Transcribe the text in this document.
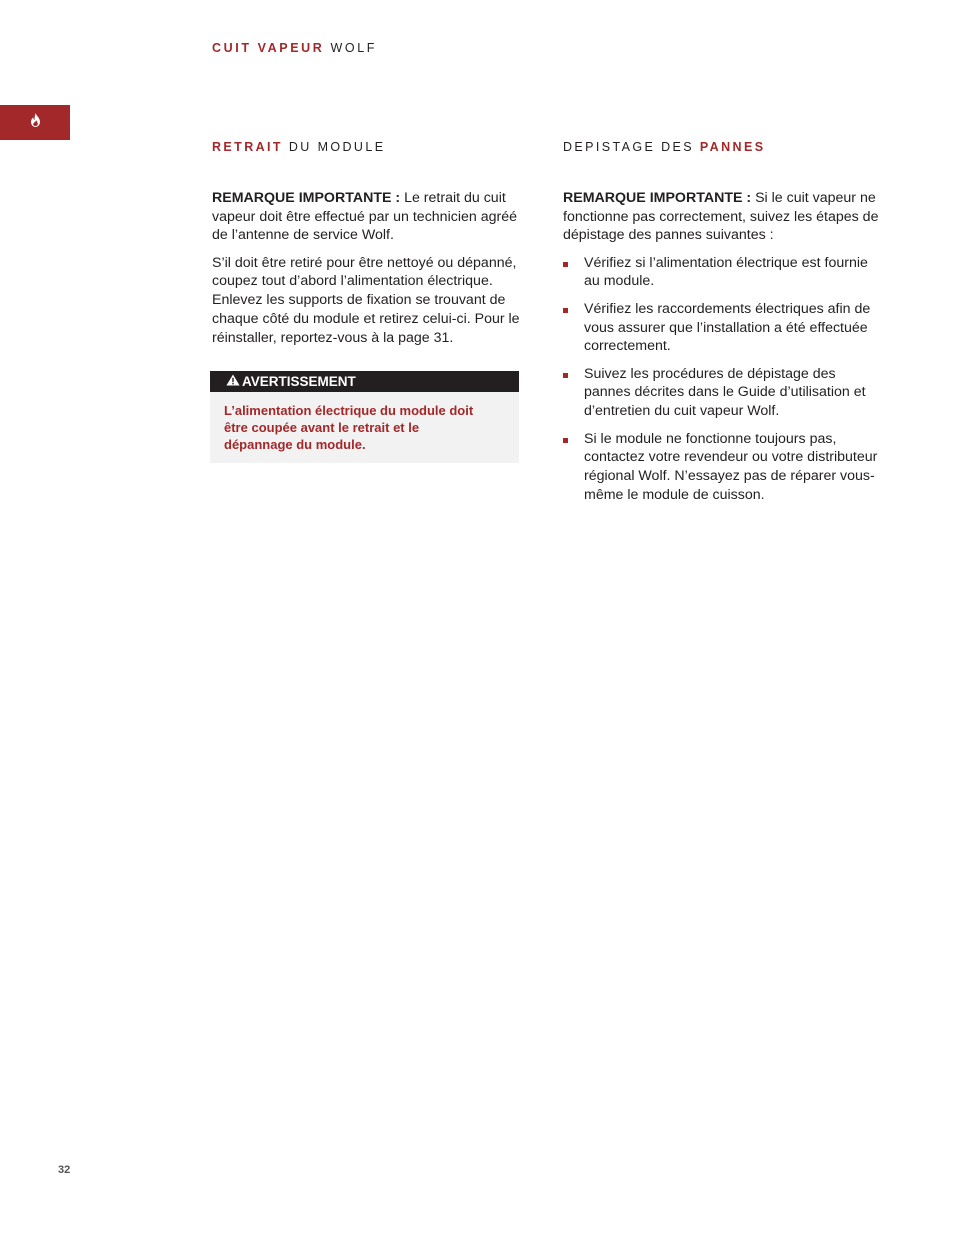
CUIT VAPEUR WOLF
RETRAIT DU MODULE

REMARQUE IMPORTANTE : Le retrait du cuit vapeur doit être effectué par un technicien agréé de l’antenne de service Wolf.

S’il doit être retiré pour être nettoyé ou dépanné, coupez tout d’abord l’alimentation électrique. Enlevez les supports de fixation se trouvant de chaque côté du module et retirez celui-ci. Pour le réinstaller, reportez-vous à la page 31.

AVERTISSEMENT
L’alimentation électrique du module doit être coupée avant le retrait et le dépannage du module.
DEPISTAGE DES PANNES

REMARQUE IMPORTANTE : Si le cuit vapeur ne fonctionne pas correctement, suivez les étapes de dépistage des pannes suivantes :

Vérifiez si l’alimentation électrique est fournie au module.
Vérifiez les raccordements électriques afin de vous assurer que l’installation a été effectuée correctement.
Suivez les procédures de dépistage des pannes décrites dans le Guide d’utilisation et d’entretien du cuit vapeur Wolf.
Si le module ne fonctionne toujours pas, contactez votre revendeur ou votre distributeur régional Wolf. N’essayez pas de réparer vous-même le module de cuisson.
32
